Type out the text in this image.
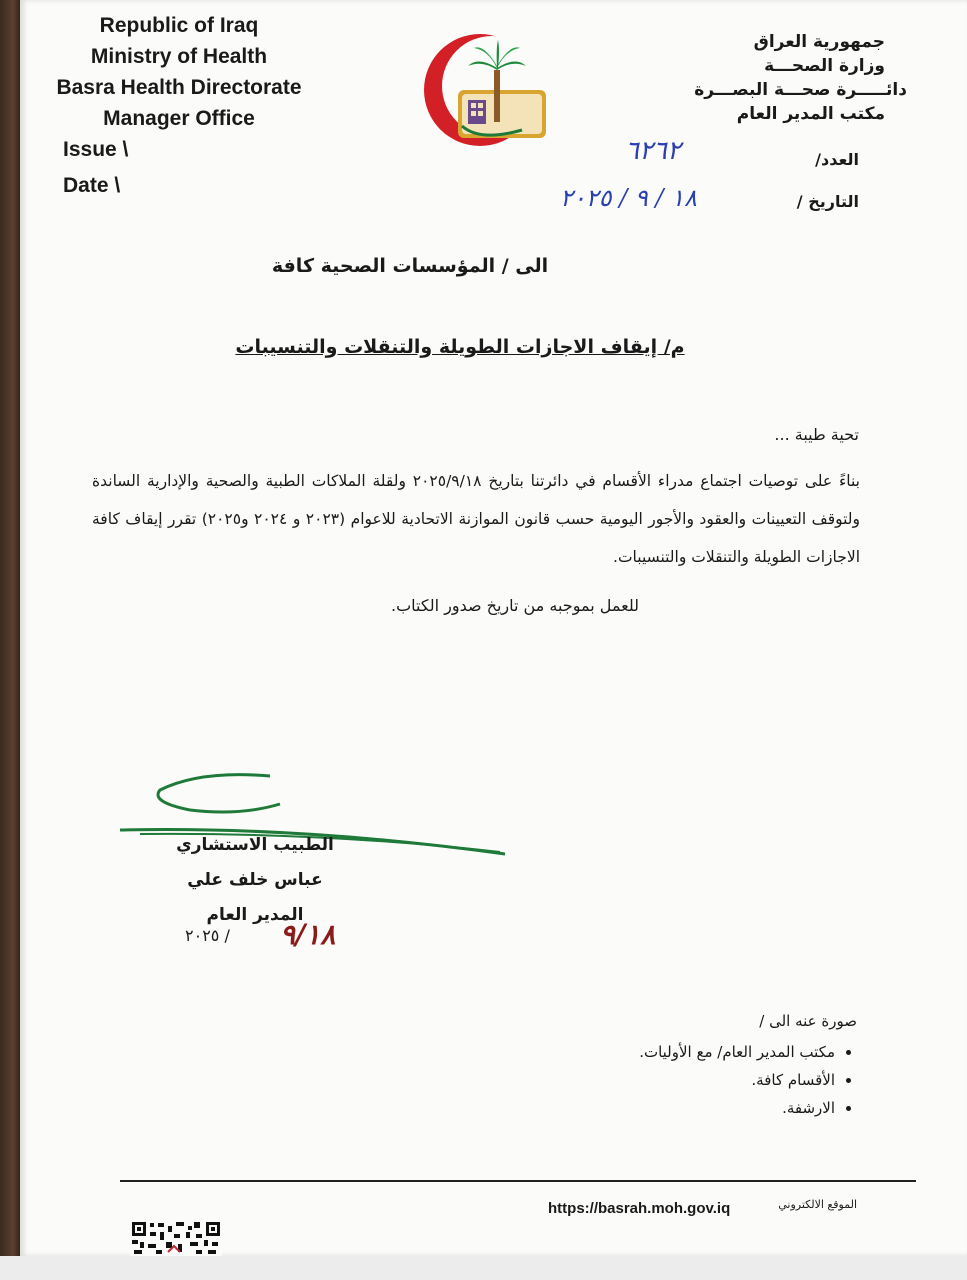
Republic of Iraq
Ministry of Health
Basra Health Directorate
Manager Office
Issue \
Date \
جمهورية العراق
وزارة الصحـــة
دائـــــرة صحـــة البصـــرة
مكتب المدير العام
العدد/
التاريخ /
٦٢٦٢
١٨ / ٩ / ٢٠٢٥
الى / المؤسسات الصحية كافة
م/ إيقاف الاجازات الطويلة والتنقلات والتنسيبات
تحية طيبة ...
بناءً على توصيات اجتماع مدراء الأقسام في دائرتنا بتاريخ ٢٠٢٥/٩/١٨ ولقلة الملاكات الطبية والصحية والإدارية الساندة ولتوقف التعيينات والعقود والأجور اليومية حسب قانون الموازنة الاتحادية للاعوام (٢٠٢٣ و ٢٠٢٤ و٢٠٢٥) تقرر إيقاف كافة الاجازات الطويلة والتنقلات والتنسيبات.
للعمل بموجبه من تاريخ صدور الكتاب.
الطبيب الاستشاري
عباس خلف علي
المدير العام
/ ٢٠٢٥ ٩/١٨
صورة عنه الى /
• مكتب المدير العام/ مع الأوليات.
• الأقسام كافة.
• الارشفة.
الموقع الالكتروني
https://basrah.moh.gov.iq
